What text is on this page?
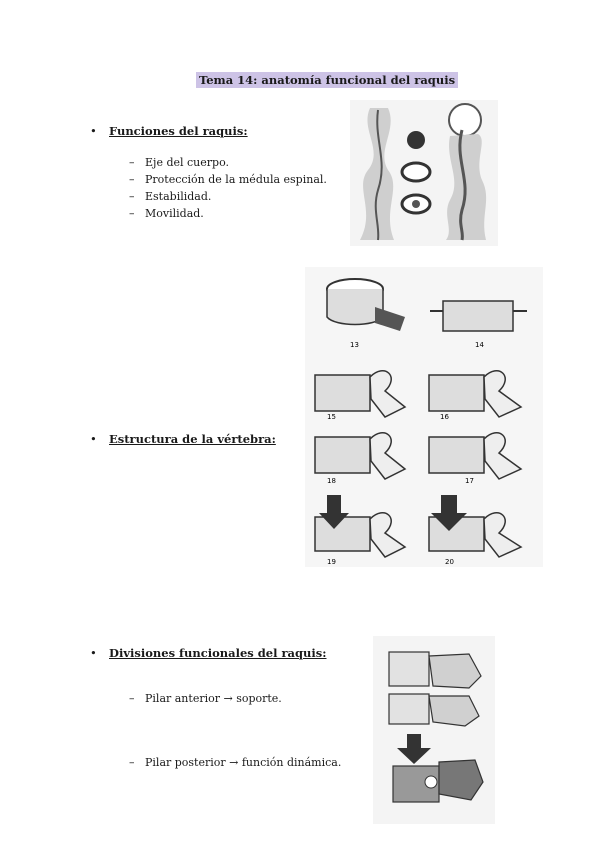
Tema 14: anatomía funcional del raquis
• Funciones del raquis:
– Eje del cuerpo.
– Protección de la médula espinal.
– Estabilidad.
– Movilidad.
• Estructura de la vértebra:
13	14
15	16
18	17
19	20
• Divisiones funcionales del raquis:
– Pilar anterior → soporte.
– Pilar posterior → función dinámica.
